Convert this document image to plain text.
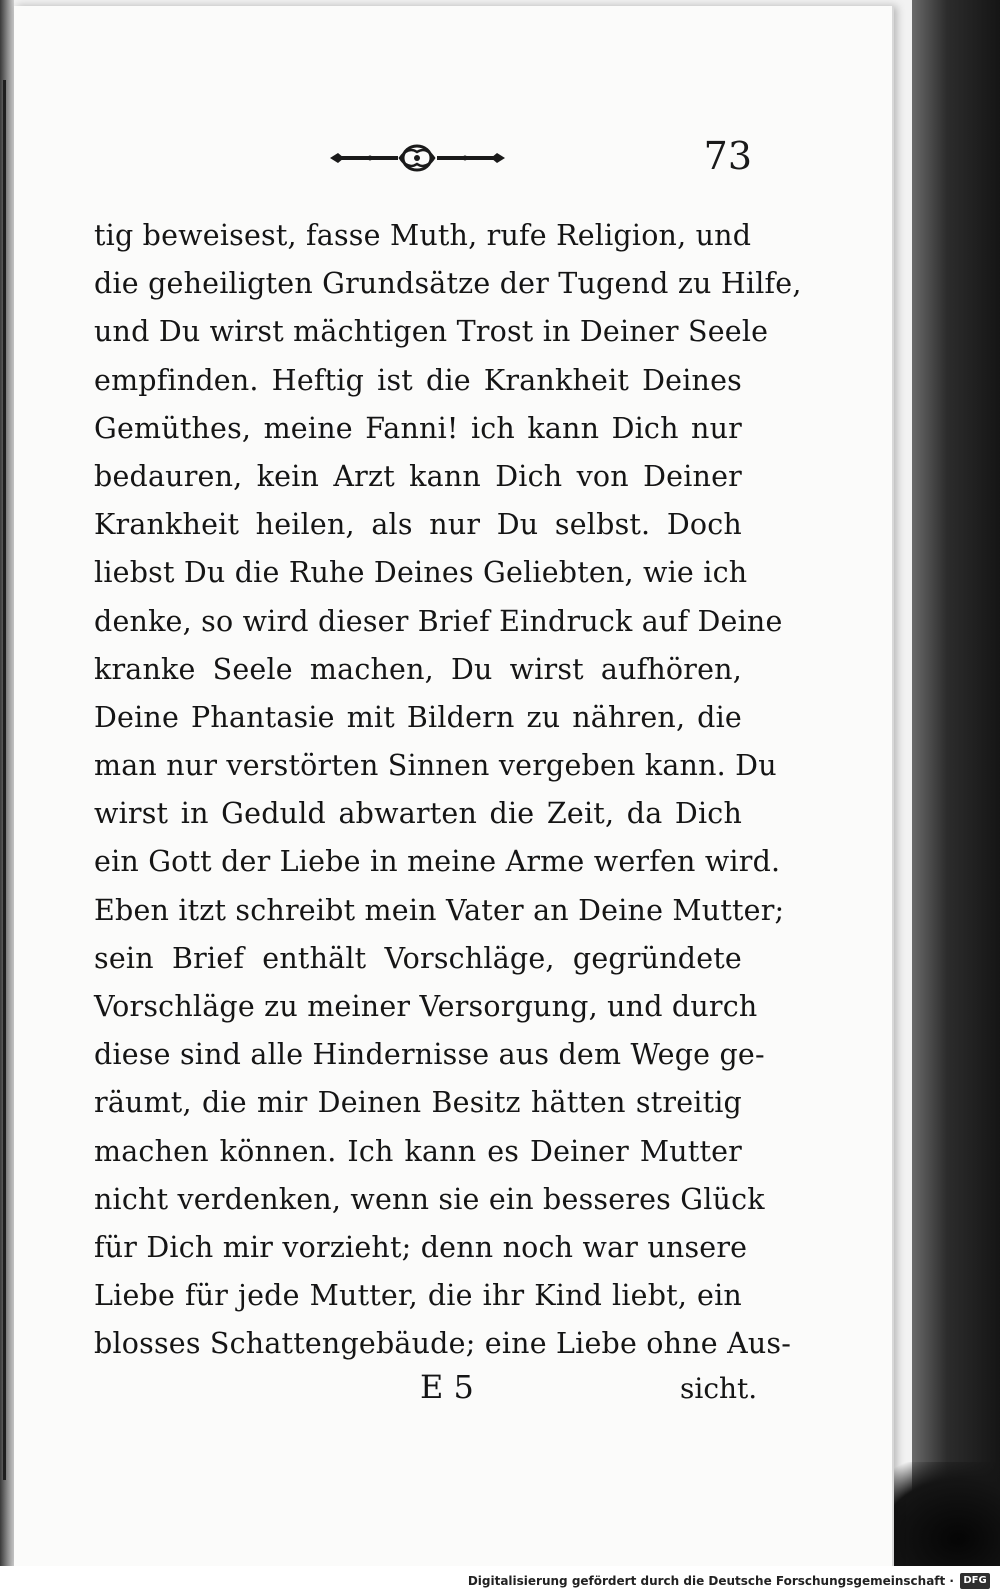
73
tig beweisest, fasse Muth, rufe Religion, und
die geheiligten Grundsätze der Tugend zu Hilfe,
und Du wirst mächtigen Trost in Deiner Seele
empfinden. Heftig ist die Krankheit Deines
Gemüthes, meine Fanni! ich kann Dich nur
bedauren, kein Arzt kann Dich von Deiner
Krankheit heilen, als nur Du selbst. Doch
liebst Du die Ruhe Deines Geliebten, wie ich
denke, so wird dieser Brief Eindruck auf Deine
kranke Seele machen, Du wirst aufhören,
Deine Phantasie mit Bildern zu nähren, die
man nur verstörten Sinnen vergeben kann. Du
wirst in Geduld abwarten die Zeit, da Dich
ein Gott der Liebe in meine Arme werfen wird.
Eben itzt schreibt mein Vater an Deine Mutter;
sein Brief enthält Vorschläge, gegründete
Vorschläge zu meiner Versorgung, und durch
diese sind alle Hindernisse aus dem Wege ge-
räumt, die mir Deinen Besitz hätten streitig
machen können. Ich kann es Deiner Mutter
nicht verdenken, wenn sie ein besseres Glück
für Dich mir vorzieht; denn noch war unsere
Liebe für jede Mutter, die ihr Kind liebt, ein
blosses Schattengebäude; eine Liebe ohne Aus-
E 5	sicht.
Digitalisierung gefördert durch die Deutsche Forschungsgemeinschaft · DFG
